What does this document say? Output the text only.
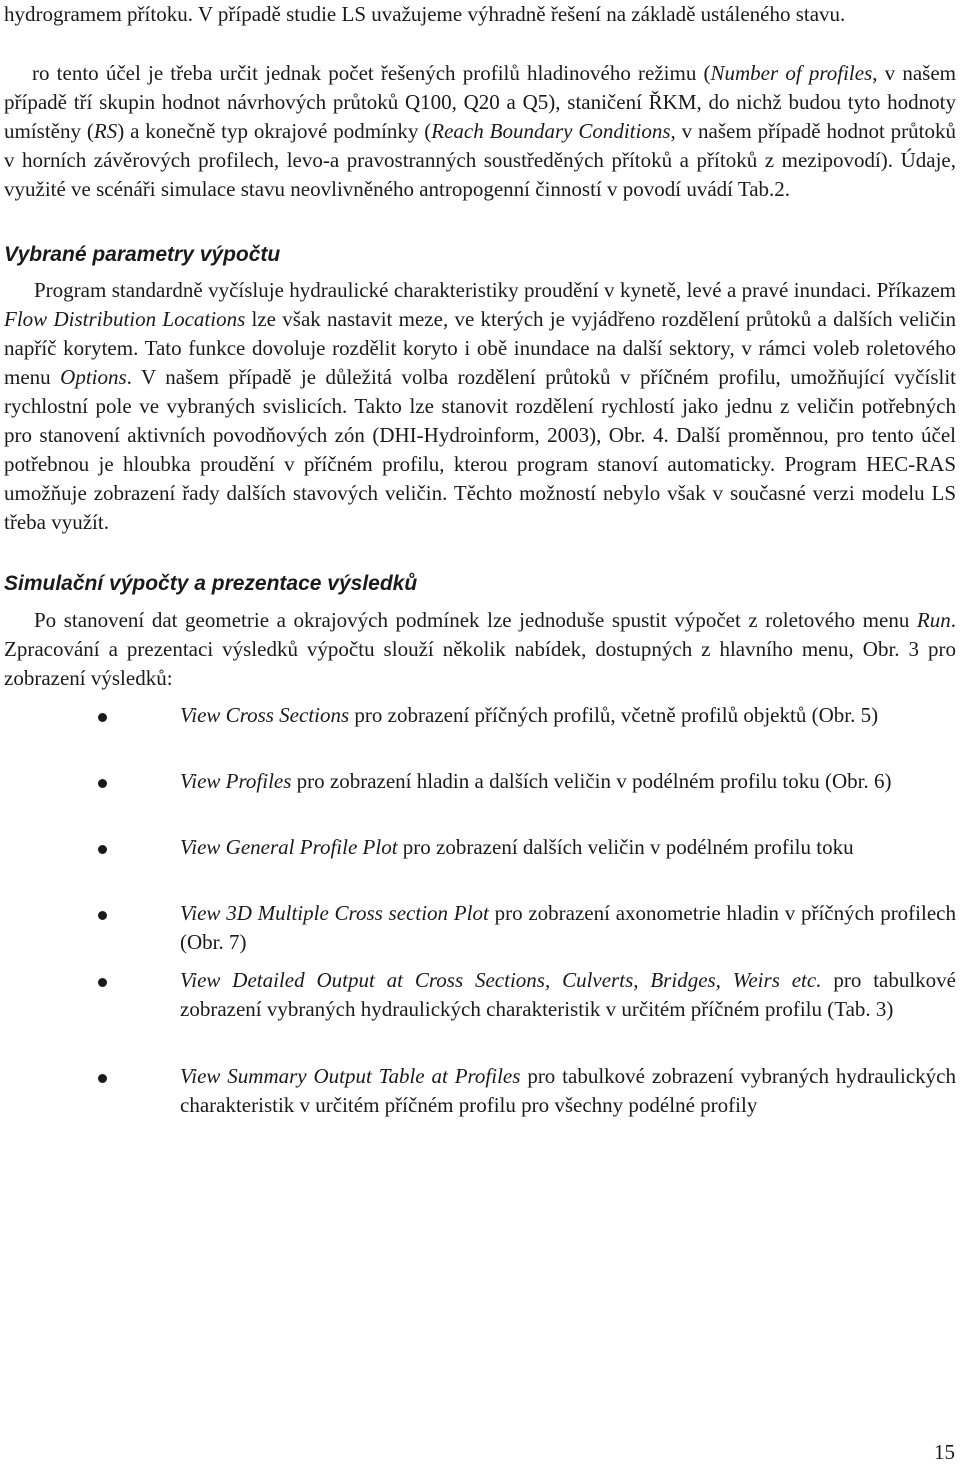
hydrogramem přítoku. V případě studie LS uvažujeme výhradně řešení na základě ustáleného stavu.

ro tento účel je třeba určit jednak počet řešených profilů hladinového režimu (Number of profiles, v našem případě tří skupin hodnot návrhových průtoků Q100, Q20 a Q5), staničení ŘKM, do nichž budou tyto hodnoty umístěny (RS) a konečně typ okrajové podmínky (Reach Boundary Conditions, v našem případě hodnot průtoků v horních závěrových profilech, levo-a pravostranných soustředěných přítoků a přítoků z mezipovodí). Údaje, využité ve scénáři simulace stavu neovlivněného antropogenní činností v povodí uvádí Tab.2.

Vybrané parametry výpočtu

Program standardně vyčísluje hydraulické charakteristiky proudění v kynetě, levé a pravé inundaci. Příkazem Flow Distribution Locations lze však nastavit meze, ve kterých je vyjádřeno rozdělení průtoků a dalších veličin napříč korytem. Tato funkce dovoluje rozdělit koryto i obě inundace na další sektory, v rámci voleb roletového menu Options. V našem případě je důležitá volba rozdělení průtoků v příčném profilu, umožňující vyčíslit rychlostní pole ve vybraných svislicích. Takto lze stanovit rozdělení rychlostí jako jednu z veličin potřebných pro stanovení aktivních povodňových zón (DHI-Hydroinform, 2003), Obr. 4. Další proměnnou, pro tento účel potřebnou je hloubka proudění v příčném profilu, kterou program stanoví automaticky. Program HEC-RAS umožňuje zobrazení řady dalších stavových veličin. Těchto možností nebylo však v současné verzi modelu LS třeba využít.

Simulační výpočty a prezentace výsledků

Po stanovení dat geometrie a okrajových podmínek lze jednoduše spustit výpočet z roletového menu Run. Zpracování a prezentaci výsledků výpočtu slouží několik nabídek, dostupných z hlavního menu, Obr. 3 pro zobrazení výsledků:

View Cross Sections pro zobrazení příčných profilů, včetně profilů objektů (Obr. 5)
View Profiles pro zobrazení hladin a dalších veličin v podélném profilu toku (Obr. 6)
View General Profile Plot pro zobrazení dalších veličin v podélném profilu toku
View 3D Multiple Cross section Plot pro zobrazení axonometrie hladin v příčných profilech (Obr. 7)
View Detailed Output at Cross Sections, Culverts, Bridges, Weirs etc. pro tabulkové zobrazení vybraných hydraulických charakteristik v určitém příčném profilu (Tab. 3)
View Summary Output Table at Profiles pro tabulkové zobrazení vybraných hydraulických charakteristik v určitém příčném profilu pro všechny podélné profily
15
